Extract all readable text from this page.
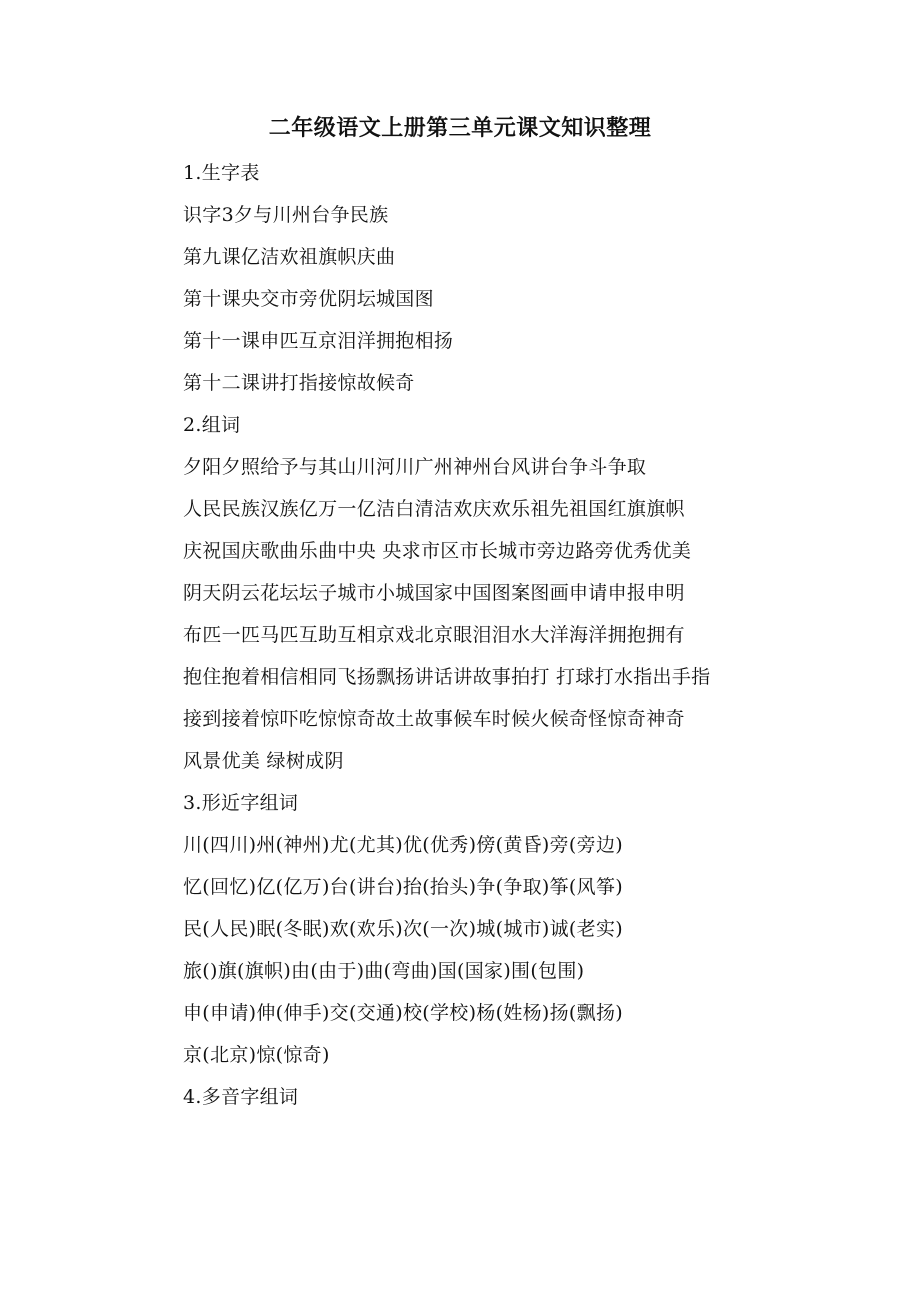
二年级语文上册第三单元课文知识整理
1.生字表
识字3夕与川州台争民族
第九课亿洁欢祖旗帜庆曲
第十课央交市旁优阴坛城国图
第十一课申匹互京泪洋拥抱相扬
第十二课讲打指接惊故候奇
2.组词
夕阳夕照给予与其山川河川广州神州台风讲台争斗争取
人民民族汉族亿万一亿洁白清洁欢庆欢乐祖先祖国红旗旗帜
庆祝国庆歌曲乐曲中央 央求市区市长城市旁边路旁优秀优美
阴天阴云花坛坛子城市小城国家中国图案图画申请申报申明
布匹一匹马匹互助互相京戏北京眼泪泪水大洋海洋拥抱拥有
抱住抱着相信相同飞扬飘扬讲话讲故事拍打 打球打水指出手指
接到接着惊吓吃惊惊奇故土故事候车时候火候奇怪惊奇神奇
风景优美 绿树成阴
3.形近字组词
川(四川)州(神州)尤(尤其)优(优秀)傍(黄昏)旁(旁边)
忆(回忆)亿(亿万)台(讲台)抬(抬头)争(争取)筝(风筝)
民(人民)眠(冬眠)欢(欢乐)次(一次)城(城市)诚(老实)
旅()旗(旗帜)由(由于)曲(弯曲)国(国家)围(包围)
申(申请)伸(伸手)交(交通)校(学校)杨(姓杨)扬(飘扬)
京(北京)惊(惊奇)
4.多音字组词
